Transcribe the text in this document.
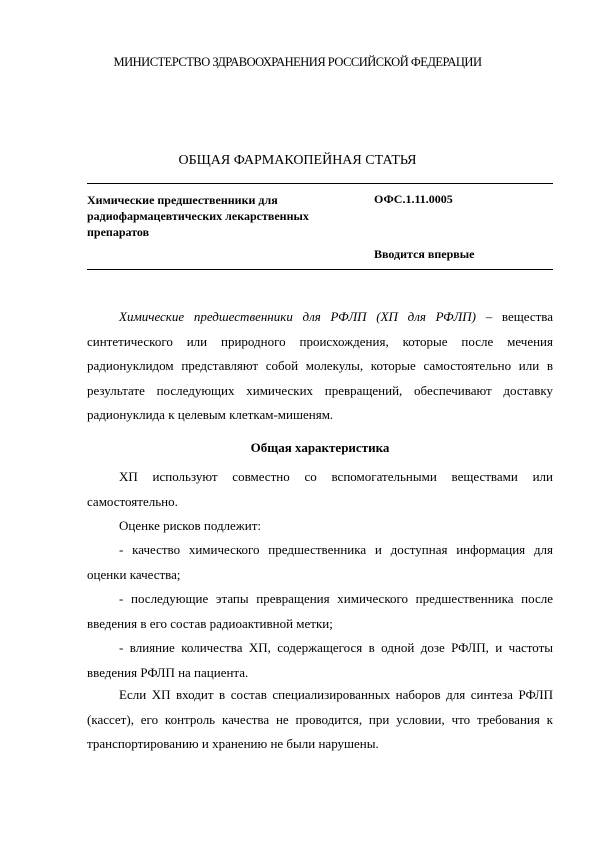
МИНИСТЕРСТВО ЗДРАВООХРАНЕНИЯ РОССИЙСКОЙ ФЕДЕРАЦИИ
ОБЩАЯ ФАРМАКОПЕЙНАЯ СТАТЬЯ
Химические предшественники для радиофармацевтических лекарственных препаратов
ОФС.1.11.0005
Вводится впервые

Химические предшественники для РФЛП (ХП для РФЛП) – вещества синтетического или природного происхождения, которые после мечения радионуклидом представляют собой молекулы, которые самостоятельно или в результате последующих химических превращений, обеспечивают доставку радионуклида к целевым клеткам-мишеням.

Общая характеристика

ХП используют совместно со вспомогательными веществами или самостоятельно.

Оценке рисков подлежит:

- качество химического предшественника и доступная информация для оценки качества;

- последующие этапы превращения химического предшественника после введения в его состав радиоактивной метки;

- влияние количества ХП, содержащегося в одной дозе РФЛП, и частоты введения РФЛП на пациента.

Если ХП входит в состав специализированных наборов для синтеза РФЛП (кассет), его контроль качества не проводится, при условии, что требования к транспортированию и хранению не были нарушены.
